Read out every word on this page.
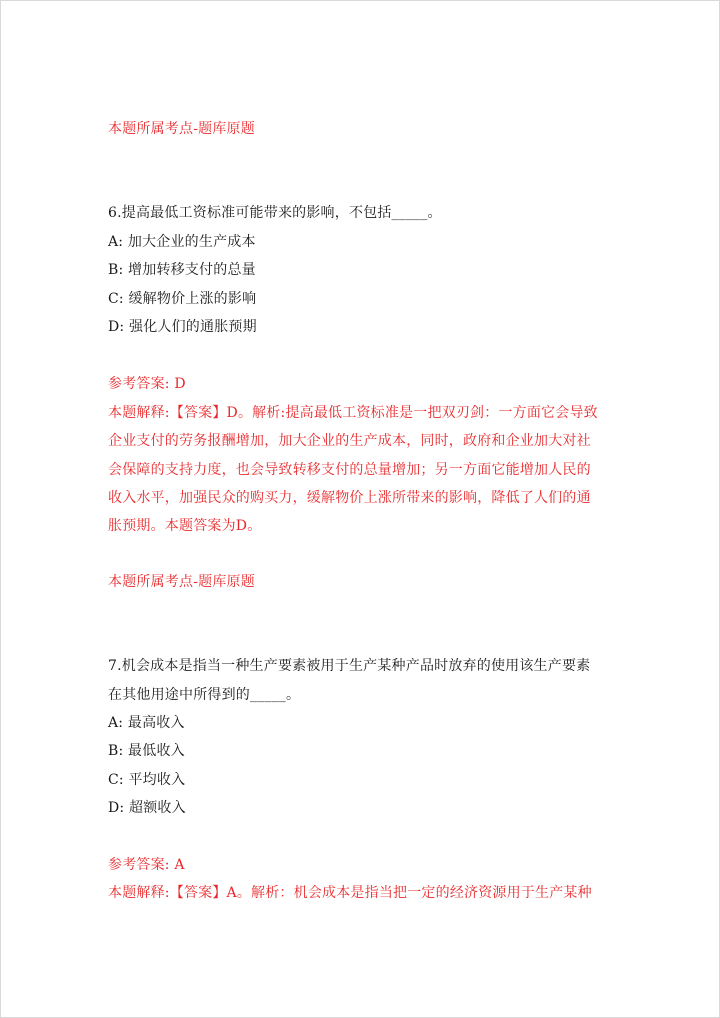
本题所属考点-题库原题
6.提高最低工资标准可能带来的影响，不包括_____。
A: 加大企业的生产成本
B: 增加转移支付的总量
C: 缓解物价上涨的影响
D: 强化人们的通胀预期
参考答案: D
本题解释:【答案】D。解析:提高最低工资标准是一把双刃剑：一方面它会导致
企业支付的劳务报酬增加，加大企业的生产成本，同时，政府和企业加大对社
会保障的支持力度，也会导致转移支付的总量增加；另一方面它能增加人民的
收入水平，加强民众的购买力，缓解物价上涨所带来的影响，降低了人们的通
胀预期。本题答案为D。
本题所属考点-题库原题
7.机会成本是指当一种生产要素被用于生产某种产品时放弃的使用该生产要素
在其他用途中所得到的_____。
A: 最高收入
B: 最低收入
C: 平均收入
D: 超额收入
参考答案: A
本题解释:【答案】A。解析：机会成本是指当把一定的经济资源用于生产某种
